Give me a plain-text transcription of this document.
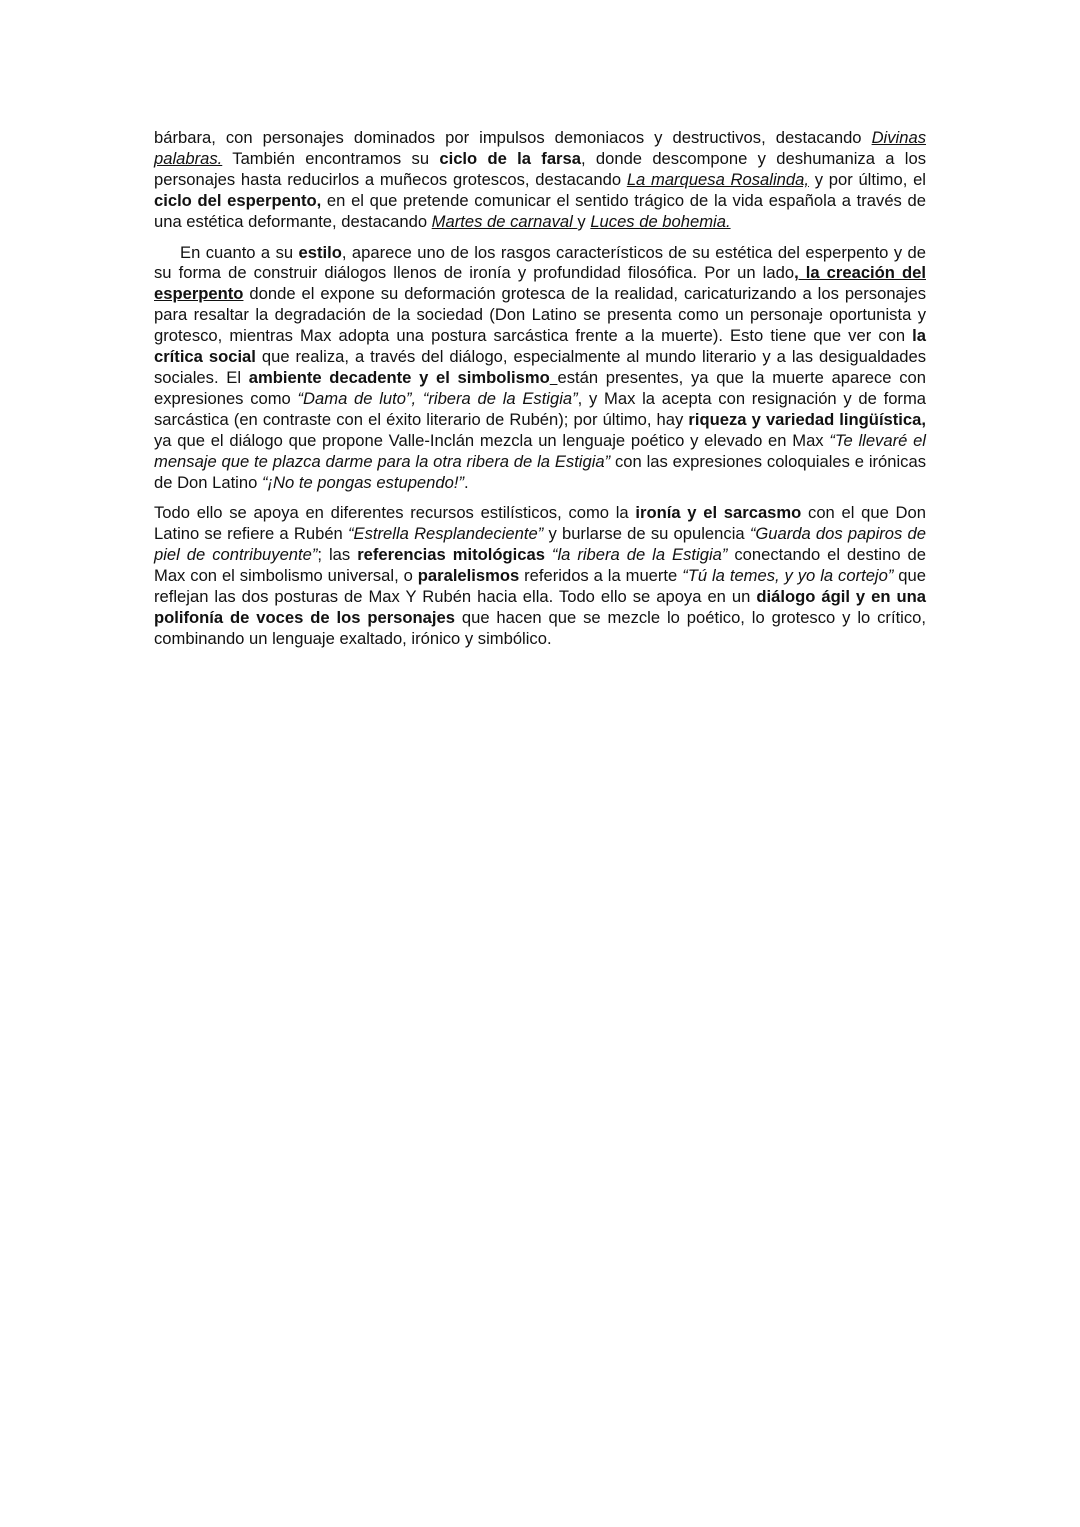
bárbara, con personajes dominados por impulsos demoniacos y destructivos, destacando Divinas palabras. También encontramos su ciclo de la farsa, donde descompone y deshumaniza a los personajes hasta reducirlos a muñecos grotescos, destacando La marquesa Rosalinda, y por último, el ciclo del esperpento, en el que pretende comunicar el sentido trágico de la vida española a través de una estética deformante, destacando Martes de carnaval y Luces de bohemia.

En cuanto a su estilo, aparece uno de los rasgos característicos de su estética del esperpento y de su forma de construir diálogos llenos de ironía y profundidad filosófica. Por un lado, la creación del esperpento donde el expone su deformación grotesca de la realidad, caricaturizando a los personajes para resaltar la degradación de la sociedad (Don Latino se presenta como un personaje oportunista y grotesco, mientras Max adopta una postura sarcástica frente a la muerte). Esto tiene que ver con la crítica social que realiza, a través del diálogo, especialmente al mundo literario y a las desigualdades sociales. El ambiente decadente y el simbolismo están presentes, ya que la muerte aparece con expresiones como “Dama de luto”, “ribera de la Estigia”, y Max la acepta con resignación y de forma sarcástica (en contraste con el éxito literario de Rubén); por último, hay riqueza y variedad lingüística, ya que el diálogo que propone Valle-Inclán mezcla un lenguaje poético y elevado en Max “Te llevaré el mensaje que te plazca darme para la otra ribera de la Estigia” con las expresiones coloquiales e irónicas de Don Latino “¡No te pongas estupendo!”.

Todo ello se apoya en diferentes recursos estilísticos, como la ironía y el sarcasmo con el que Don Latino se refiere a Rubén “Estrella Resplandeciente” y burlarse de su opulencia “Guarda dos papiros de piel de contribuyente”; las referencias mitológicas “la ribera de la Estigia” conectando el destino de Max con el simbolismo universal, o paralelismos referidos a la muerte “Tú la temes, y yo la cortejo” que reflejan las dos posturas de Max Y Rubén hacia ella. Todo ello se apoya en un diálogo ágil y en una polifonía de voces de los personajes que hacen que se mezcle lo poético, lo grotesco y lo crítico, combinando un lenguaje exaltado, irónico y simbólico.
